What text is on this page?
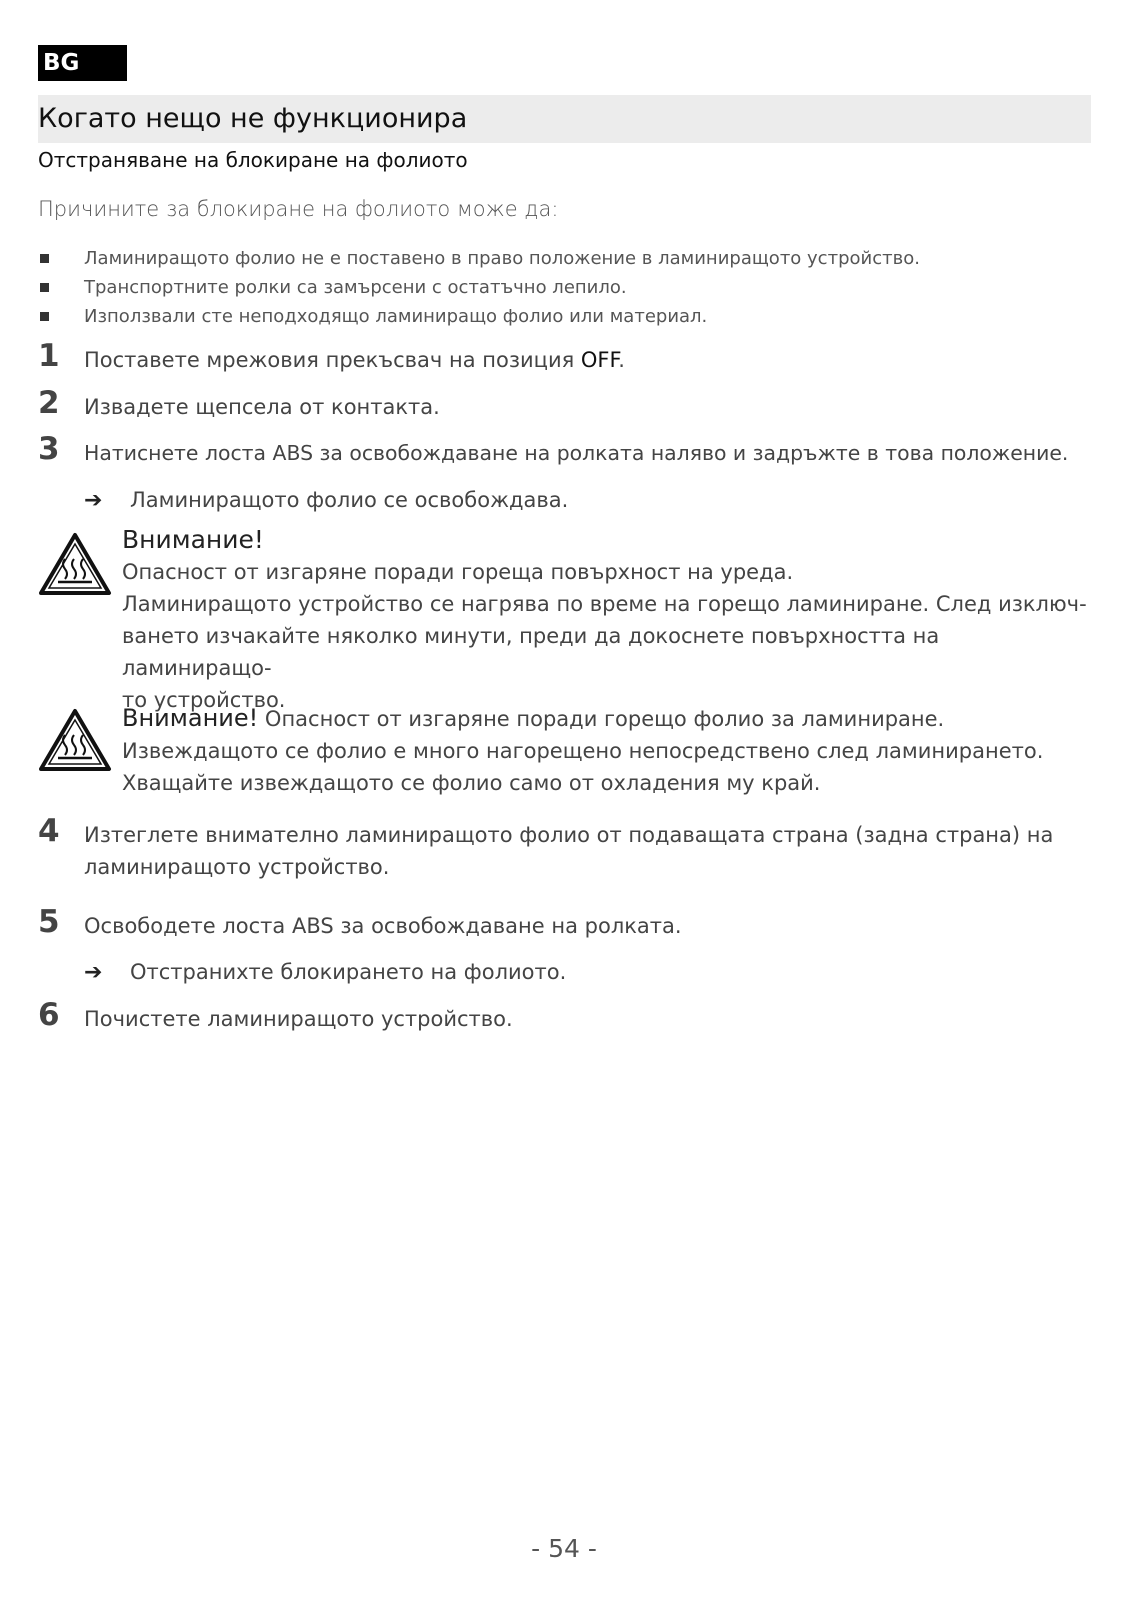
BG
Когато нещо не функционира
Отстраняване на блокиране на фолиото
Причините за блокиране на фолиото може да:
Ламиниращото фолио не е поставено в право положение в ламиниращото устройство.
Транспортните ролки са замърсени с остатъчно лепило.
Използвали сте неподходящо ламиниращо фолио или материал.
1 Поставете мрежовия прекъсвач на позиция OFF.
2 Извадете щепсела от контакта.
3 Натиснете лоста ABS за освобождаване на ролката наляво и задръжте в това положение.
➔ Ламиниращото фолио се освобождава.
Внимание!
Опасност от изгаряне поради гореща повърхност на уреда.
Ламиниращото устройство се нагрява по време на горещо ламиниране. След изключ-
ването изчакайте няколко минути, преди да докоснете повърхността на ламиниращо-
то устройство.
Внимание! Опасност от изгаряне поради горещо фолио за ламиниране.
Извеждащото се фолио е много нагорещено непосредствено след ламинирането.
Хващайте извеждащото се фолио само от охладения му край.
4 Изтеглете внимателно ламиниращото фолио от подаващата страна (задна страна) на ламиниращото устройство.
5 Освободете лоста ABS за освобождаване на ролката.
➔ Отстранихте блокирането на фолиото.
6 Почистете ламиниращото устройство.
- 54 -
